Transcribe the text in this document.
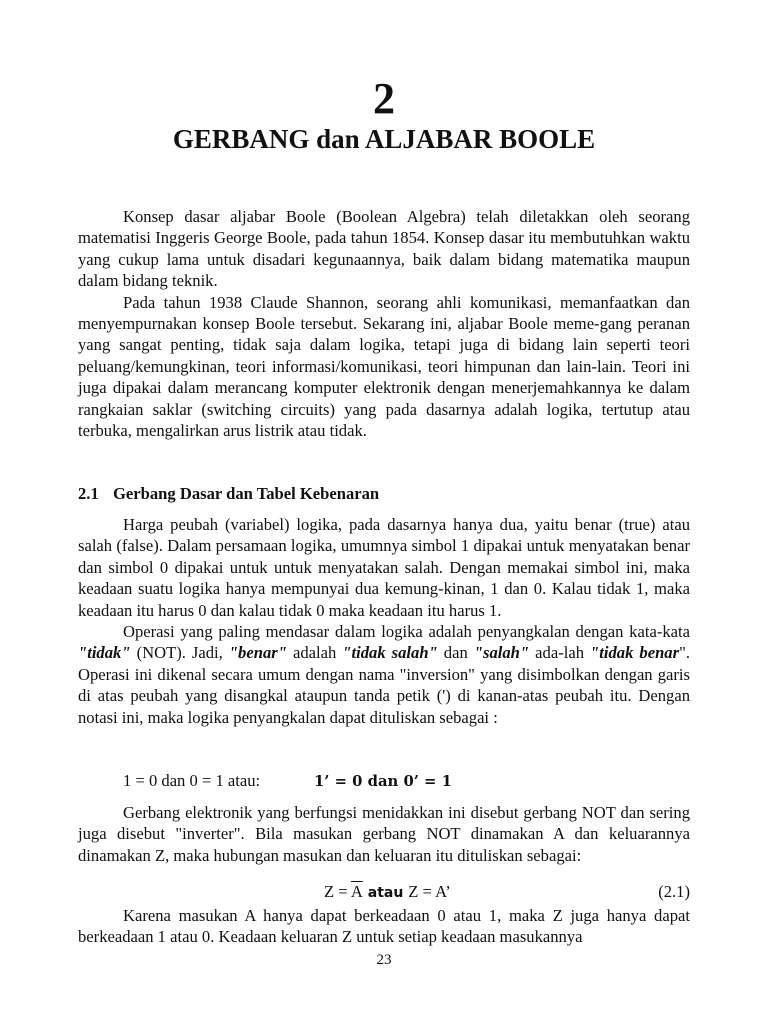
2
GERBANG dan ALJABAR BOOLE

Konsep dasar aljabar Boole (Boolean Algebra) telah diletakkan oleh seorang matematisi Inggeris George Boole, pada tahun 1854. Konsep dasar itu membutuhkan waktu yang cukup lama untuk disadari kegunaannya, baik dalam bidang matematika maupun dalam bidang teknik.

Pada tahun 1938 Claude Shannon, seorang ahli komunikasi, memanfaatkan dan menyempurnakan konsep Boole tersebut. Sekarang ini, aljabar Boole meme-gang peranan yang sangat penting, tidak saja dalam logika, tetapi juga di bidang lain seperti teori peluang/kemungkinan, teori informasi/komunikasi, teori himpunan dan lain-lain. Teori ini juga dipakai dalam merancang komputer elektronik dengan menerjemahkannya ke dalam rangkaian saklar (switching circuits) yang pada dasarnya adalah logika, tertutup atau terbuka, mengalirkan arus listrik atau tidak.

2.1 Gerbang Dasar dan Tabel Kebenaran

Harga peubah (variabel) logika, pada dasarnya hanya dua, yaitu benar (true) atau salah (false). Dalam persamaan logika, umumnya simbol 1 dipakai untuk menyatakan benar dan simbol 0 dipakai untuk untuk menyatakan salah. Dengan memakai simbol ini, maka keadaan suatu logika hanya mempunyai dua kemung-kinan, 1 dan 0. Kalau tidak 1, maka keadaan itu harus 0 dan kalau tidak 0 maka keadaan itu harus 1.

Operasi yang paling mendasar dalam logika adalah penyangkalan dengan kata-kata "tidak" (NOT). Jadi, "benar" adalah "tidak salah" dan "salah" ada-lah "tidak benar". Operasi ini dikenal secara umum dengan nama "inversion" yang disimbolkan dengan garis di atas peubah yang disangkal ataupun tanda petik (') di kanan-atas peubah itu. Dengan notasi ini, maka logika penyangkalan dapat dituliskan sebagai :

1 = 0 dan 0 = 1 atau:	1’ = 0 dan 0’ = 1

Gerbang elektronik yang berfungsi menidakkan ini disebut gerbang NOT dan sering juga disebut "inverter". Bila masukan gerbang NOT dinamakan A dan keluarannya dinamakan Z, maka hubungan masukan dan keluaran itu dituliskan sebagai:

$Z = \overline{A}$ atau Z = A’	(2.1)

Karena masukan A hanya dapat berkeadaan 0 atau 1, maka Z juga hanya dapat berkeadaan 1 atau 0. Keadaan keluaran Z untuk setiap keadaan masukannya

23
